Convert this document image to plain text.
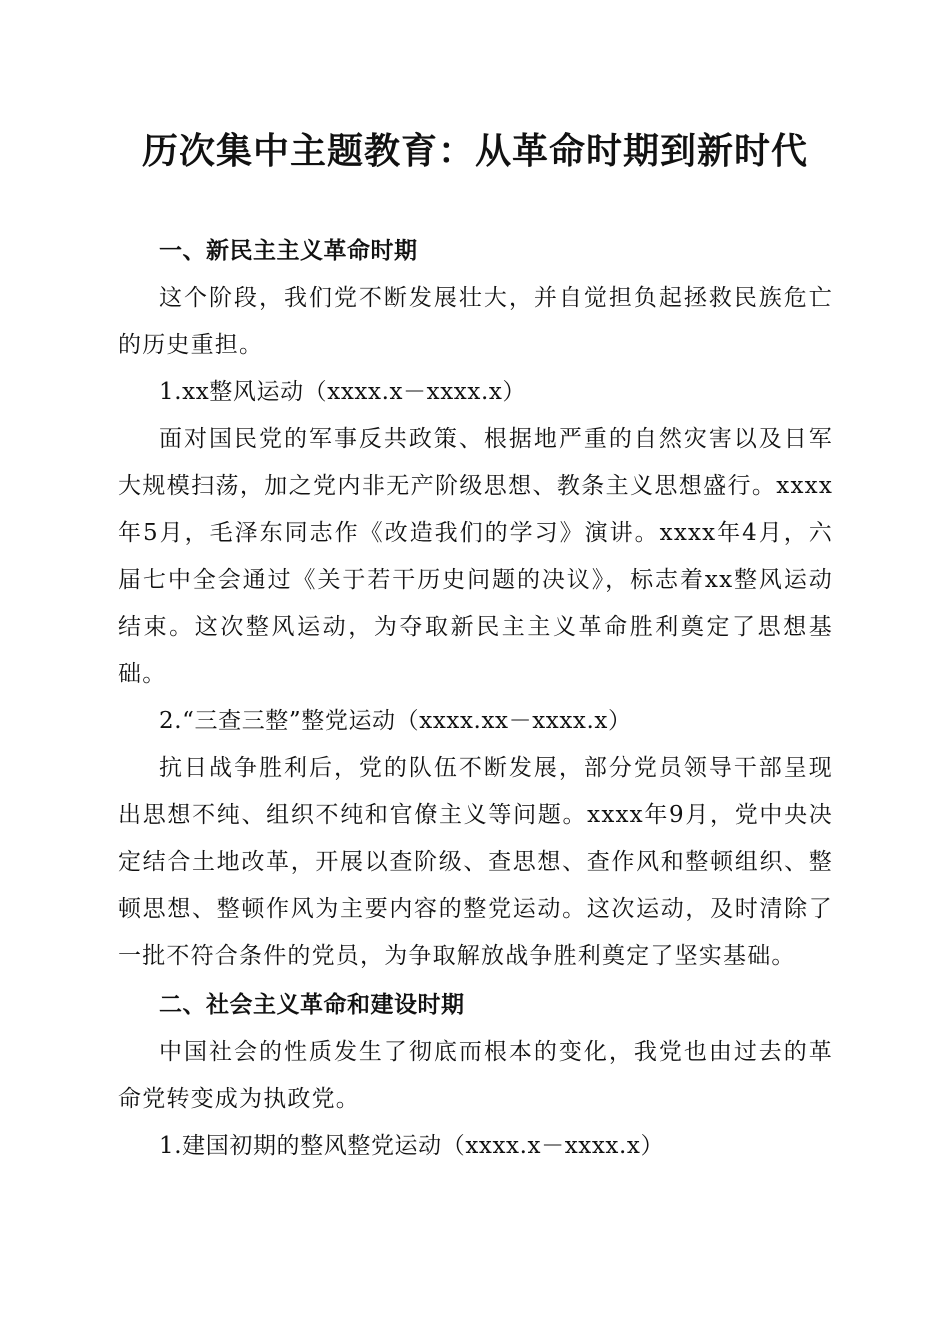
历次集中主题教育：从革命时期到新时代

一、新民主主义革命时期

这个阶段，我们党不断发展壮大，并自觉担负起拯救民族危亡的历史重担。

1.xx整风运动（xxxx.x－xxxx.x）

面对国民党的军事反共政策、根据地严重的自然灾害以及日军大规模扫荡，加之党内非无产阶级思想、教条主义思想盛行。xxxx年5月，毛泽东同志作《改造我们的学习》演讲。xxxx年4月，六届七中全会通过《关于若干历史问题的决议》，标志着xx整风运动结束。这次整风运动，为夺取新民主主义革命胜利奠定了思想基础。

2.“三查三整”整党运动（xxxx.xx－xxxx.x）

抗日战争胜利后，党的队伍不断发展，部分党员领导干部呈现出思想不纯、组织不纯和官僚主义等问题。xxxx年9月，党中央决定结合土地改革，开展以查阶级、查思想、查作风和整顿组织、整顿思想、整顿作风为主要内容的整党运动。这次运动，及时清除了一批不符合条件的党员，为争取解放战争胜利奠定了坚实基础。

二、社会主义革命和建设时期

中国社会的性质发生了彻底而根本的变化，我党也由过去的革命党转变成为执政党。

1.建国初期的整风整党运动（xxxx.x－xxxx.x）
